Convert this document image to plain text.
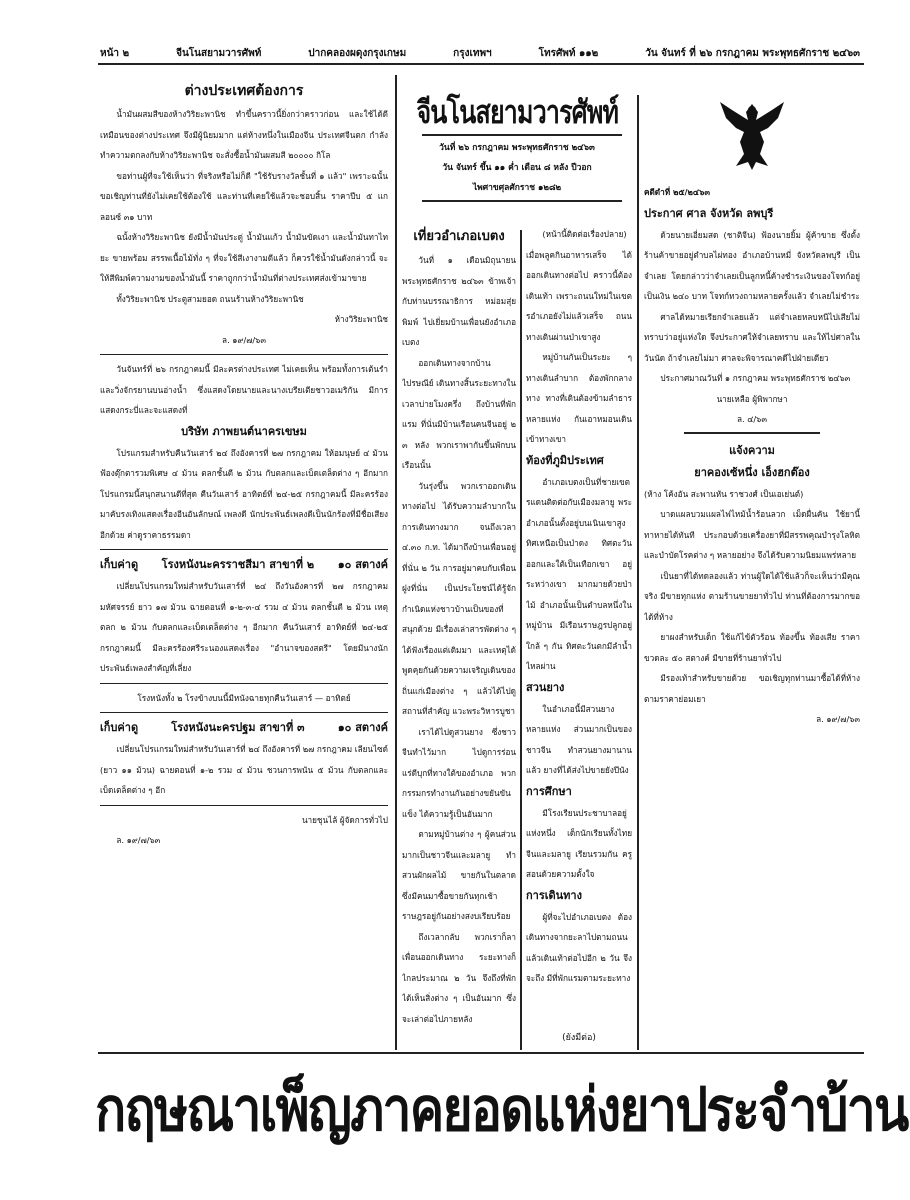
หน้า ๒	จีนโนสยามวารศัพท์	ปากคลองผดุงกรุงเกษม	กรุงเทพฯ	โทรศัพท์ ๑๑๒	วัน จันทร์ ที่ ๒๖ กรกฎาคม พระพุทธศักราช ๒๔๖๓

ต่างประเทศต้องการ

น้ำมันผสมสีของห้างวิริยะพานิช ทำขึ้นคราวนี้ยิ่งกว่าคราวก่อน และใช้ได้ดีเหมือนของต่างประเทศ จึงมีผู้นิยมมาก แต่ห้างหนึ่งในเมืองจีน ประเทศจีนตก กำลังทำความตกลงกับห้างวิริยะพานิช จะสั่งซื้อน้ำมันผสมสี ๒๐๐๐๐ กิโล

ขอท่านผู้ที่จะใช้เห็นว่า ที่จริงหรือไม่ก็ดี "ใช้รับรางวัลชั้นที่ ๑ แล้ว" เพราะฉนั้นขอเชิญท่านที่ยังไม่เคยใช้ต้องใช้ และท่านที่เคยใช้แล้วจะชอบสิ้น ราคาปีบ ๕ แกลอนซ์ ๓๑ บาท

ฉนั้งห้างวิริยะพานิช ยังมีน้ำมันประดู่ น้ำมันแก้ว น้ำมันขัดเงา และน้ำมันทาไทยะ ขายพร้อม สรรพเนื้อไม้ทั่ง ๆ ที่จะใช้สีเงางามดีแล้ว ก็ควรใช้น้ำมันดังกล่าวนี้ จะให้สีพิมพ์ความงามของน้ำมันนี้ ราคาถูกกว่าน้ำมันที่ต่างประเทศส่งเข้ามาขาย

ทั้งวิริยะพานิช ประตูสามยอด ถนนร้านห้างวิริยะพานิช

ห้างวิริยะพานิช

ล. ๑๙/๗/๖๓

วันจันทร์ที่ ๒๖ กรกฎาคมนี้ มีละครต่างประเทศ ไม่เคยเห็น พร้อมทั้งการเต้นรำและวิ่งจักรยานบนอ่างน้ำ ซึ่งแสดงโดยนายและนางเบรียเตียชาวอเมริกัน มีการแสดงกระบี่และจะแสดงที่

บริษัท ภาพยนต์นาครเขษม

โปรแกรมสำหรับคืนวันเสาร์ ๒๔ ถึงอังคารที่ ๒๗ กรกฎาคม ให้อมนุษย์ ๔ ม้วน ฟ้องตุ๊กตารวมพิเศษ ๔ ม้วน ตลกชั้นดี ๒ ม้วน กับตลกและเบ็ดเตล็ดต่าง ๆ อีกมาก โปรแกรมนี้สนุกสนานดีที่สุด คืนวันเสาร์ อาทิตย์ที่ ๒๔-๒๕ กรกฎาคมนี้ มีละครร้องมาคับรงเทิงแสดงเรื่องอีนอันลักษณ์ เพลงดี นักประพันธ์เพลงดีเป็นนักร้องที่มีชื่อเสียงอีกด้วย ค่าดูราคาธรรมดา

เก็บค่าดู โรงหนังนะครราชสีมา สาขาที่ ๒ ๑๐ สตางค์

เปลี่ยนโปรแกรมใหม่สำหรับวันเสาร์ที่ ๒๔ ถึงวันอังคารที่ ๒๗ กรกฎาคม มหัศจรรย์ ยาว ๑๗ ม้วน ฉายตอนที่ ๑-๒-๓-๔ รวม ๔ ม้วน ตลกชั้นดี ๒ ม้วน เหตุตลก ๒ ม้วน กับตลกและเบ็ดเตล็ดต่าง ๆ อีกมาก คืนวันเสาร์ อาทิตย์ที่ ๒๔-๒๕ กรกฎาคมนี้ มีละครร้องศรีระนองแสดงเรื่อง "อำนาจของสตรี" โดยมีนางนักประพันธ์เพลงสำคัญที่เลี่ยง

โรงหนังทั้ง ๒ โรงข้างบนนี้มีหนังฉายทุกคืนวันเสาร์ — อาทิตย์

เก็บค่าดู	โรงหนังนะครปฐม สาขาที่ ๓	๑๐ สตางค์

เปลี่ยนโปรแกรมใหม่สำหรับวันเสาร์ที่ ๒๔ ถึงอังคารที่ ๒๗ กรกฎาคม เลียนไซด์ (ยาว ๑๑ ม้วน) ฉายตอนที่ ๑-๒ รวม ๔ ม้วน ชวนการพนัน ๕ ม้วน กับตลกและเบ็ดเตล็ดต่าง ๆ อีก

นายชุนไล้ ผู้จัดการทั่วไป

ล. ๑๙/๗/๖๓

จีนโนสยามวารศัพท์
วันที่ ๒๖ กรกฎาคม พระพุทธศักราช ๒๔๖๓
วัน จันทร์ ขึ้น ๑๑ ค่ำ เดือน ๘ หลัง ปีวอก
ไพศาขศุลศักราช ๑๒๘๒

เที่ยวอำเภอเบตง

วันที่ ๑ เดือนมิถุนายน พระพุทธศักราช ๒๔๖๓ ข้าพเจ้ากับท่านบรรณาธิการ หม่อมสุ่ยพิมพ์ ไปเยี่ยมบ้านเพื่อนยังอำเภอเบตง

ออกเดินทางจากบ้านไปรษณีย์ เดินทางสิ้นระยะทางในเวลาบ่ายโมงครึ่ง ถึงบ้านที่พักแรม ที่นั่นมีบ้านเรือนคนจีนอยู่ ๒ ๓ หลัง พวกเราพากันขึ้นพักบนเรือนนั้น

วันรุ่งขึ้น พวกเราออกเดินทางต่อไป ได้รับความลำบากในการเดินทางมาก จนถึงเวลา ๔.๓๐ ก.ท. ได้มาถึงบ้านเพื่อนอยู่ที่นั่น ๒ วัน การอยู่มาคบกับเพื่อนฝูงที่นั่น เป็นประโยชน์ได้รู้จักกำเนิดแห่งชาวบ้านเป็นของที่สนุกด้วย มีเรื่องเล่าสารพัดต่าง ๆ ได้ฟังเรื่องแต่เดิมมา และเหตุได้พูดคุยกันด้วยความเจริญเดินของถิ่นแก่เมืองต่าง ๆ แล้วได้ไปดูสถานที่สำคัญ แวะพระวิหารบูชา

เราได้ไปดูสวนยาง ซึ่งชาวจีนทำไว้มาก ไปดูการร่อนแร่ดีบุกที่ทางใต้ของอำเภอ พวกกรรมกรทำงานกันอย่างขยันขันแข็ง ได้ความรู้เป็นอันมาก

ตามหมู่บ้านต่าง ๆ ผู้คนส่วนมากเป็นชาวจีนและมลายู ทำสวนผักผลไม้ ขายกันในตลาด ซึ่งมีคนมาซื้อขายกันทุกเช้า ราษฎรอยู่กันอย่างสงบเรียบร้อย

ถึงเวลากลับ พวกเราก็ลาเพื่อนออกเดินทาง ระยะทางก็ไกลประมาณ ๒ วัน จึงถึงที่พัก ได้เห็นสิ่งต่าง ๆ เป็นอันมาก ซึ่งจะเล่าต่อไปภายหลัง

(หน้านี้ติดต่อเรื่องปลาย) เมื่อพลูคกินอาหารเสร็จ ได้ออกเดินทางต่อไป คราวนี้ต้องเดินเท้า เพราะถนนใหม่ในเขตรอำเภอยังไม่แล้วเสร็จ ถนนทางเดินผ่านป่าเขาสูง

หมู่บ้านกันเป็นระยะ ๆ ทางเดินลำบาก ต้องพักกลางทาง ทางที่เดินต้องข้ามลำธารหลายแห่ง กันเอาหมอนเดินเข้าทางเขา

ท้องที่ภูมิประเทศ

อำเภอเบตงเป็นที่ชายเขตรแดนติดต่อกับเมืองมลายู พระอำเภอนั้นตั้งอยู่บนเนินเขาสูง ทิศเหนือเป็นป่าดง ทิศตะวันออกและใต้เป็นเทือกเขา อยู่ระหว่างเขา มากมายด้วยป่าไม้ อำเภอนั้นเป็นตำบลหนึ่งในหมู่บ้าน มีเรือนราษฎรปลูกอยู่ใกล้ ๆ กัน ทิศตะวันตกมีลำน้ำไหลผ่าน

สวนยาง

ในอำเภอนี้มีสวนยางหลายแห่ง ส่วนมากเป็นของชาวจีน ทำสวนยางมานานแล้ว ยางที่ได้ส่งไปขายยังปีนัง

การศึกษา

มีโรงเรียนประชาบาลอยู่แห่งหนึ่ง เด็กนักเรียนทั้งไทยจีนและมลายู เรียนรวมกัน ครูสอนด้วยความตั้งใจ

การเดินทาง

ผู้ที่จะไปอำเภอเบตง ต้องเดินทางจากยะลาไปตามถนน แล้วเดินเท้าต่อไปอีก ๒ วัน จึงจะถึง มีที่พักแรมตามระยะทาง

(ยังมีต่อ)

คดีดำที่ ๒๕/๒๔๖๓

ประกาศ ศาล จังหวัด ลพบุรี

ด้วยนายเอี่ยมสด (ชาติจีน) ฟ้องนายยิ้ม ผู้ค้าขาย ซึ่งตั้งร้านค้าขายอยู่ตำบลไผ่ทอง อำเภอบ้านหมี่ จังหวัดลพบุรี เป็นจำเลย โดยกล่าวว่าจำเลยเป็นลูกหนี้ค้างชำระเงินของโจทก์อยู่ เป็นเงิน ๒๔๐ บาท โจทก์ทวงถามหลายครั้งแล้ว จำเลยไม่ชำระ

ศาลได้หมายเรียกจำเลยแล้ว แต่จำเลยหลบหนีไปเสียไม่ทราบว่าอยู่แห่งใด จึงประกาศให้จำเลยทราบ และให้ไปศาลในวันนัด ถ้าจำเลยไม่มา ศาลจะพิจารณาคดีไปฝ่ายเดียว

ประกาศมาณวันที่ ๑ กรกฎาคม พระพุทธศักราช ๒๔๖๓

นายเหลือ ผู้พิพากษา

ล. ๔/๖๓

แจ้งความ

ยาคองเซ้หนึ่ง เอ็งฮกต๊อง

(ห้าง โค้งอัน สะพานหัน ราชวงศ์ เป็นเอเย่นต์)

บาดแผลบวมแผลไฟไหม้น้ำร้อนลวก เม็ดผื่นคัน ใช้ยานี้ทาหายได้ทันที ประกอบด้วยเครื่องยาที่มีสรรพคุณบำรุงโลหิต และบำบัดโรคต่าง ๆ หลายอย่าง จึงได้รับความนิยมแพร่หลาย

เป็นยาที่ได้ทดลองแล้ว ท่านผู้ใดได้ใช้แล้วก็จะเห็นว่ามีคุณจริง มีขายทุกแห่ง ตามร้านขายยาทั่วไป ท่านที่ต้องการมากขอได้ที่ห้าง

ยาผงสำหรับเด็ก ใช้แก้ไข้ตัวร้อน ท้องขึ้น ท้องเสีย ราคาขวดละ ๕๐ สตางค์ มีขายที่ร้านยาทั่วไป

มีรองเท้าสำหรับขายด้วย ขอเชิญทุกท่านมาซื้อได้ที่ห้างตามราคาย่อมเยา

ล. ๑๙/๗/๖๓

กฤษณาเพ็ญภาคยอดแห่งยาประจำบ้าน
